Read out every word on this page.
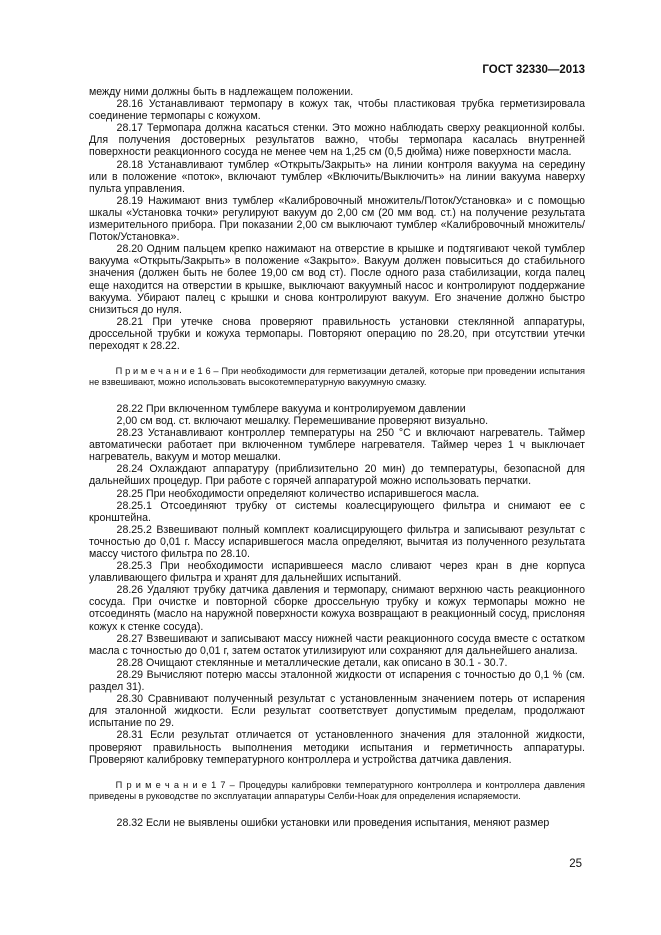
ГОСТ 32330—2013

между ними должны быть в надлежащем положении.

28.16 Устанавливают термопару в кожух так, чтобы пластиковая трубка герметизировала соединение термопары с кожухом.

28.17 Термопара должна касаться стенки. Это можно наблюдать сверху реакционной колбы. Для получения достоверных результатов важно, чтобы термопара касалась внутренней поверхности реакционного сосуда не менее чем на 1,25 см (0,5 дюйма) ниже поверхности масла.

28.18 Устанавливают тумблер «Открыть/Закрыть» на линии контроля вакуума на середину или в положение «поток», включают тумблер «Включить/Выключить» на линии вакуума наверху пульта управления.

28.19 Нажимают вниз тумблер «Калибровочный множитель/Поток/Установка» и с помощью шкалы «Установка точки» регулируют вакуум до 2,00 см (20 мм вод. ст.) на получение результата измерительного прибора. При показании 2,00 см выключают тумблер «Калибровочный множитель/Поток/Установка».

28.20 Одним пальцем крепко нажимают на отверстие в крышке и подтягивают чекой тумблер вакуума «Открыть/Закрыть» в положение «Закрыто». Вакуум должен повыситься до стабильного значения (должен быть не более 19,00 см вод ст). После одного раза стабилизации, когда палец еще находится на отверстии в крышке, выключают вакуумный насос и контролируют поддержание вакуума. Убирают палец с крышки и снова контролируют вакуум. Его значение должно быстро снизиться до нуля.

28.21 При утечке снова проверяют правильность установки стеклянной аппаратуры, дроссельной трубки и кожуха термопары. Повторяют операцию по 28.20, при отсутствии утечки переходят к 28.22.

П р и м е ч а н и е 1 6 – При необходимости для герметизации деталей, которые при проведении испытания не взвешивают, можно использовать высокотемпературную вакуумную смазку.

28.22 При включенном тумблере вакуума и контролируемом давлении

2,00 см вод. ст. включают мешалку. Перемешивание проверяют визуально.

28.23 Устанавливают контроллер температуры на 250 °С и включают нагреватель. Таймер автоматически работает при включенном тумблере нагревателя. Таймер через 1 ч выключает нагреватель, вакуум и мотор мешалки.

28.24 Охлаждают аппаратуру (приблизительно 20 мин) до температуры, безопасной для дальнейших процедур. При работе с горячей аппаратурой можно использовать перчатки.

28.25 При необходимости определяют количество испарившегося масла.

28.25.1 Отсоединяют трубку от системы коалесцирующего фильтра и снимают ее с кронштейна.

28.25.2 Взвешивают полный комплект коалисцирующего фильтра и записывают результат с точностью до 0,01 г. Массу испарившегося масла определяют, вычитая из полученного результата массу чистого фильтра по 28.10.

28.25.3 При необходимости испарившееся масло сливают через кран в дне корпуса улавливающего фильтра и хранят для дальнейших испытаний.

28.26 Удаляют трубку датчика давления и термопару, снимают верхнюю часть реакционного сосуда. При очистке и повторной сборке дроссельную трубку и кожух термопары можно не отсоединять (масло на наружной поверхности кожуха возвращают в реакционный сосуд, прислоняя кожух к стенке сосуда).

28.27 Взвешивают и записывают массу нижней части реакционного сосуда вместе с остатком масла с точностью до 0,01 г, затем остаток утилизируют или сохраняют для дальнейшего анализа.

28.28 Очищают стеклянные и металлические детали, как описано в 30.1 - 30.7.

28.29 Вычисляют потерю массы эталонной жидкости от испарения с точностью до 0,1 % (см. раздел 31).

28.30 Сравнивают полученный результат с установленным значением потерь от испарения для эталонной жидкости. Если результат соответствует допустимым пределам, продолжают испытание по 29.

28.31 Если результат отличается от установленного значения для эталонной жидкости, проверяют правильность выполнения методики испытания и герметичность аппаратуры. Проверяют калибровку температурного контроллера и устройства датчика давления.

П р и м е ч а н и е 1 7 – Процедуры калибровки температурного контроллера и контроллера давления приведены в руководстве по эксплуатации аппаратуры Селби-Ноак для определения испаряемости.

28.32 Если не выявлены ошибки установки или проведения испытания, меняют размер

25
